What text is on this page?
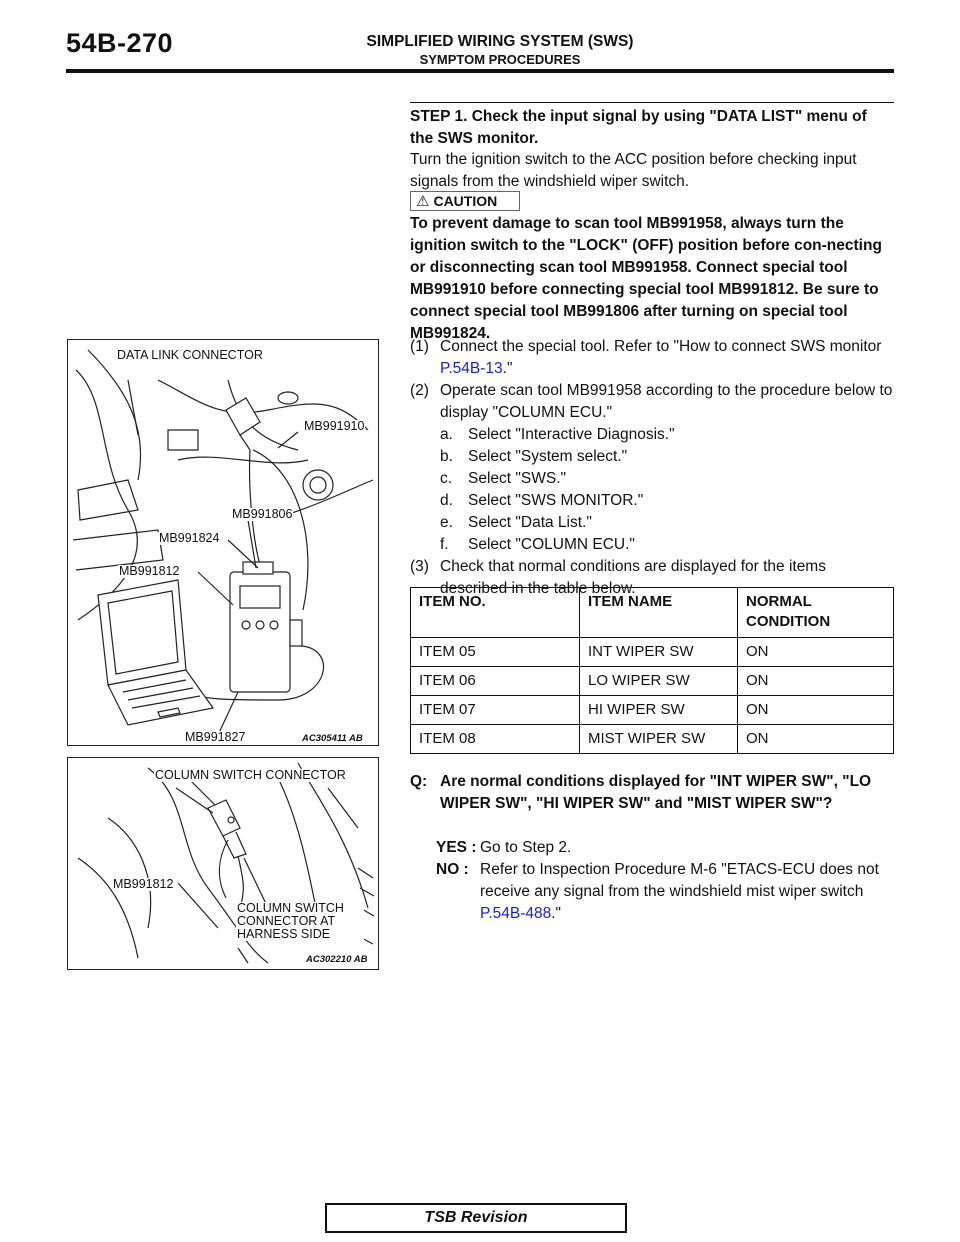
54B-270	SIMPLIFIED WIRING SYSTEM (SWS)
SYMPTOM PROCEDURES
STEP 1. Check the input signal by using "DATA LIST" menu of the SWS monitor.
Turn the ignition switch to the ACC position before checking input signals from the windshield wiper switch.
⚠ CAUTION
To prevent damage to scan tool MB991958, always turn the ignition switch to the "LOCK" (OFF) position before con-necting or disconnecting scan tool MB991958. Connect special tool MB991910 before connecting special tool MB991812. Be sure to connect special tool MB991806 after turning on special tool MB991824.
(1) Connect the special tool. Refer to "How to connect SWS monitor P.54B-13."
(2) Operate scan tool MB991958 according to the procedure below to display "COLUMN ECU."
a. Select "Interactive Diagnosis."
b. Select "System select."
c. Select "SWS."
d. Select "SWS MONITOR."
e. Select "Data List."
f. Select "COLUMN ECU."
(3) Check that normal conditions are displayed for the items described in the table below.
ITEM NO.	ITEM NAME	NORMAL CONDITION
ITEM 05	INT WIPER SW	ON
ITEM 06	LO WIPER SW	ON
ITEM 07	HI WIPER SW	ON
ITEM 08	MIST WIPER SW	ON
Q: Are normal conditions displayed for "INT WIPER SW", "LO WIPER SW", "HI WIPER SW" and "MIST WIPER SW"?
YES : Go to Step 2.
NO : Refer to Inspection Procedure M-6 "ETACS-ECU does not receive any signal from the windshield mist wiper switch P.54B-488."
DATA LINK CONNECTOR
MB991910
MB991806
MB991824
MB991812
MB991827	AC305411 AB
COLUMN SWITCH CONNECTOR
MB991812
COLUMN SWITCH CONNECTOR AT HARNESS SIDE
AC302210 AB
TSB Revision
